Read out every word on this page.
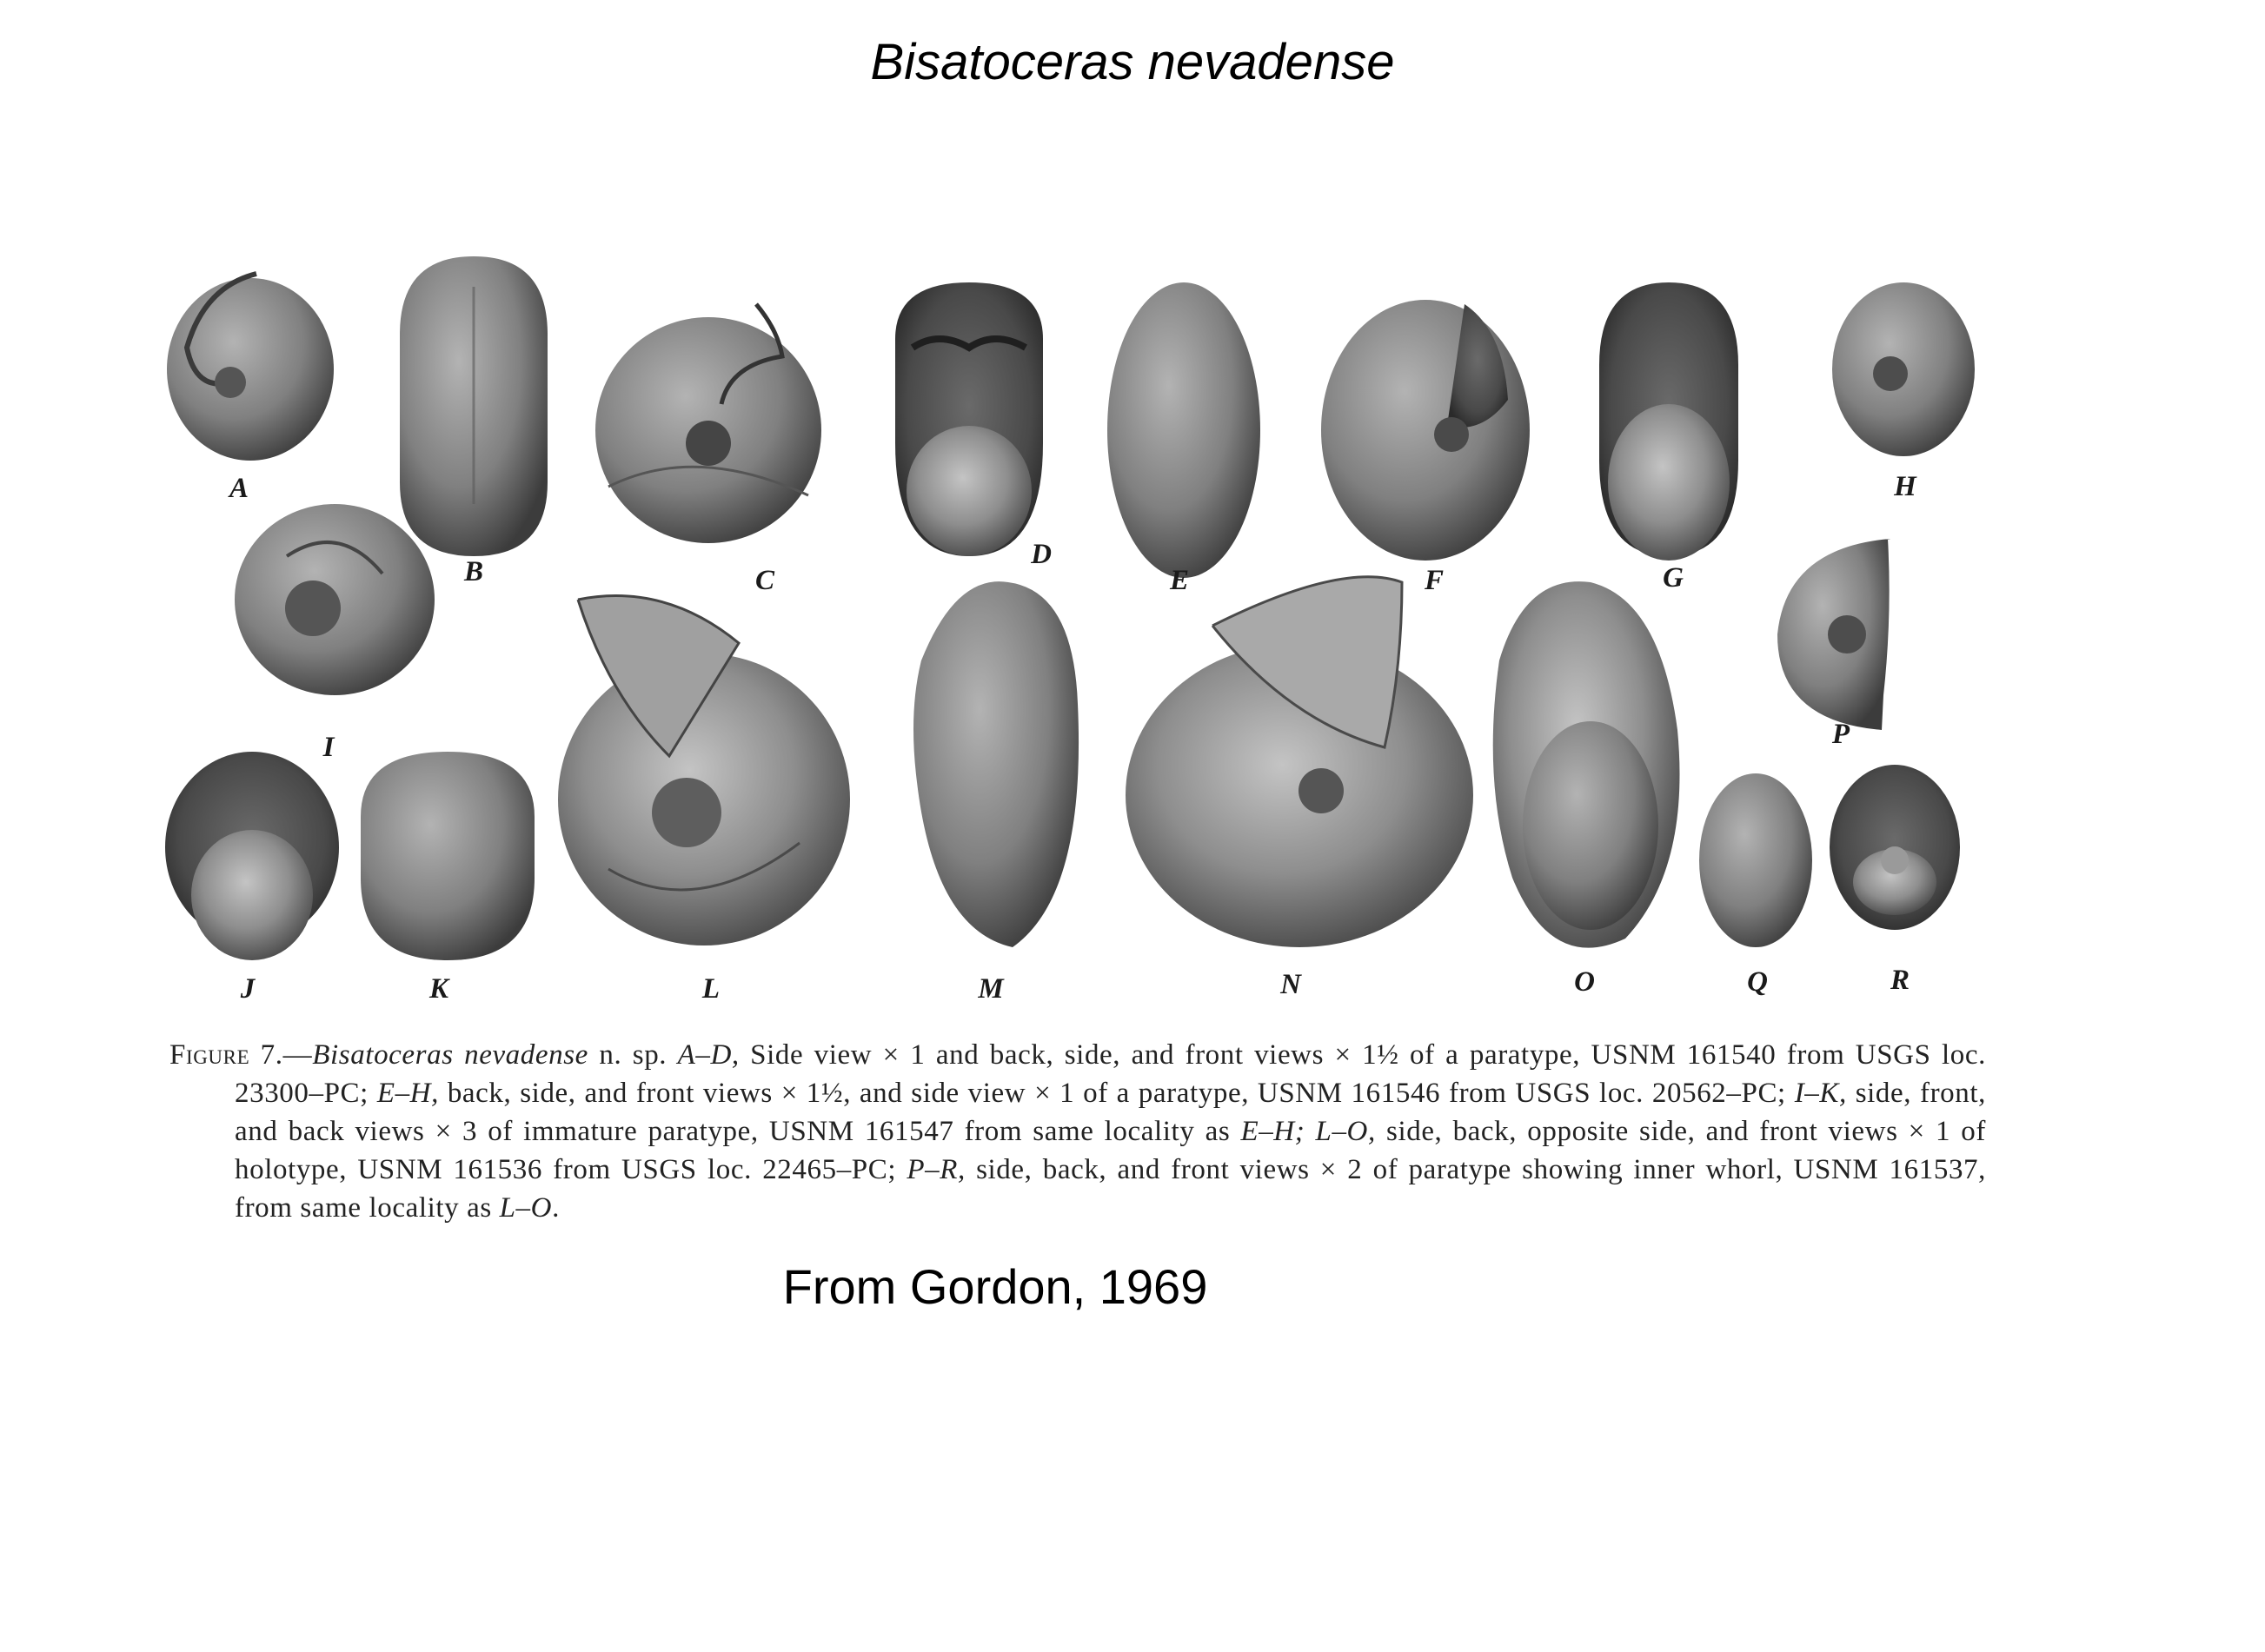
Bisatoceras nevadense
A
B	C
D
E	F	G
H
I
J	K	L	M	N	O
P
Q	R

Figure 7.—Bisatoceras nevadense n. sp. A–D, Side view × 1 and back, side, and front views × 1½ of a paratype, USNM 161540 from USGS loc. 23300–PC; E–H, back, side, and front views × 1½, and side view × 1 of a paratype, USNM 161546 from USGS loc. 20562–PC; I–K, side, front, and back views × 3 of immature paratype, USNM 161547 from same locality as E–H; L–O, side, back, opposite side, and front views × 1 of holotype, USNM 161536 from USGS loc. 22465–PC; P–R, side, back, and front views × 2 of paratype showing inner whorl, USNM 161537, from same locality as L–O.

From Gordon, 1969
